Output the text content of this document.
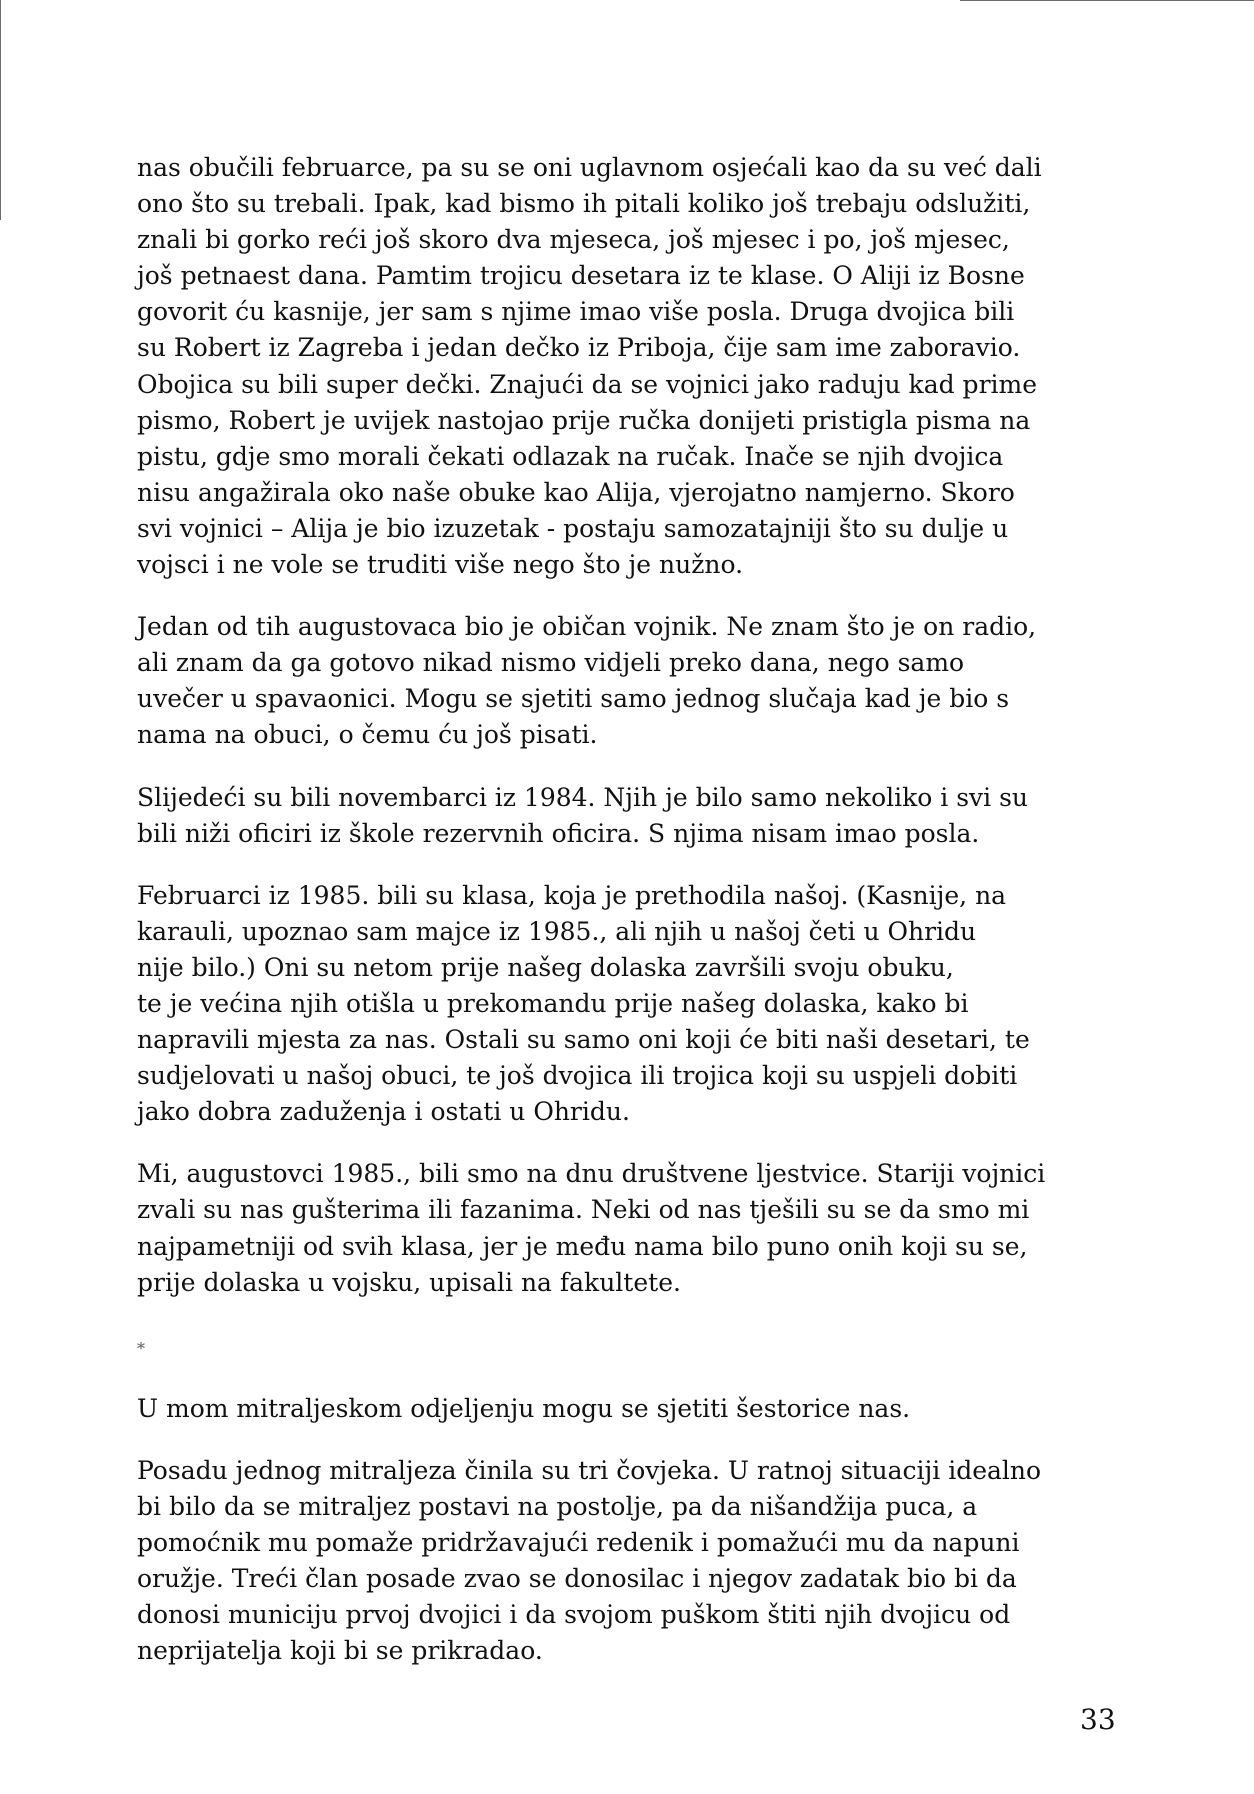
nas obučili februarce, pa su se oni uglavnom osjećali kao da su već dali
ono što su trebali. Ipak, kad bismo ih pitali koliko još trebaju odslužiti,
znali bi gorko reći još skoro dva mjeseca, još mjesec i po, još mjesec,
još petnaest dana. Pamtim trojicu desetara iz te klase. O Aliji iz Bosne
govorit ću kasnije, jer sam s njime imao više posla. Druga dvojica bili
su Robert iz Zagreba i jedan dečko iz Priboja, čije sam ime zaboravio.
Obojica su bili super dečki. Znajući da se vojnici jako raduju kad prime
pismo, Robert je uvijek nastojao prije ručka donijeti pristigla pisma na
pistu, gdje smo morali čekati odlazak na ručak. Inače se njih dvojica
nisu angažirala oko naše obuke kao Alija, vjerojatno namjerno. Skoro
svi vojnici – Alija je bio izuzetak - postaju samozatajniji što su dulje u
vojsci i ne vole se truditi više nego što je nužno.

Jedan od tih augustovaca bio je običan vojnik. Ne znam što je on radio,
ali znam da ga gotovo nikad nismo vidjeli preko dana, nego samo
uvečer u spavaonici. Mogu se sjetiti samo jednog slučaja kad je bio s
nama na obuci, o čemu ću još pisati.

Slijedeći su bili novembarci iz 1984. Njih je bilo samo nekoliko i svi su
bili niži oficiri iz škole rezervnih oficira. S njima nisam imao posla.

Februarci iz 1985. bili su klasa, koja je prethodila našoj. (Kasnije, na
karauli, upoznao sam majce iz 1985., ali njih u našoj četi u Ohridu
nije bilo.) Oni su netom prije našeg dolaska završili svoju obuku,
te je većina njih otišla u prekomandu prije našeg dolaska, kako bi
napravili mjesta za nas. Ostali su samo oni koji će biti naši desetari, te
sudjelovati u našoj obuci, te još dvojica ili trojica koji su uspjeli dobiti
jako dobra zaduženja i ostati u Ohridu.

Mi, augustovci 1985., bili smo na dnu društvene ljestvice. Stariji vojnici
zvali su nas gušterima ili fazanima. Neki od nas tješili su se da smo mi
najpametniji od svih klasa, jer je među nama bilo puno onih koji su se,
prije dolaska u vojsku, upisali na fakultete.

*

U mom mitraljeskom odjeljenju mogu se sjetiti šestorice nas.

Posadu jednog mitraljeza činila su tri čovjeka. U ratnoj situaciji idealno
bi bilo da se mitraljez postavi na postolje, pa da nišandžija puca, a
pomoćnik mu pomaže pridržavajući redenik i pomažući mu da napuni
oružje. Treći član posade zvao se donosilac i njegov zadatak bio bi da
donosi municiju prvoj dvojici i da svojom puškom štiti njih dvojicu od
neprijatelja koji bi se prikradao.

33
